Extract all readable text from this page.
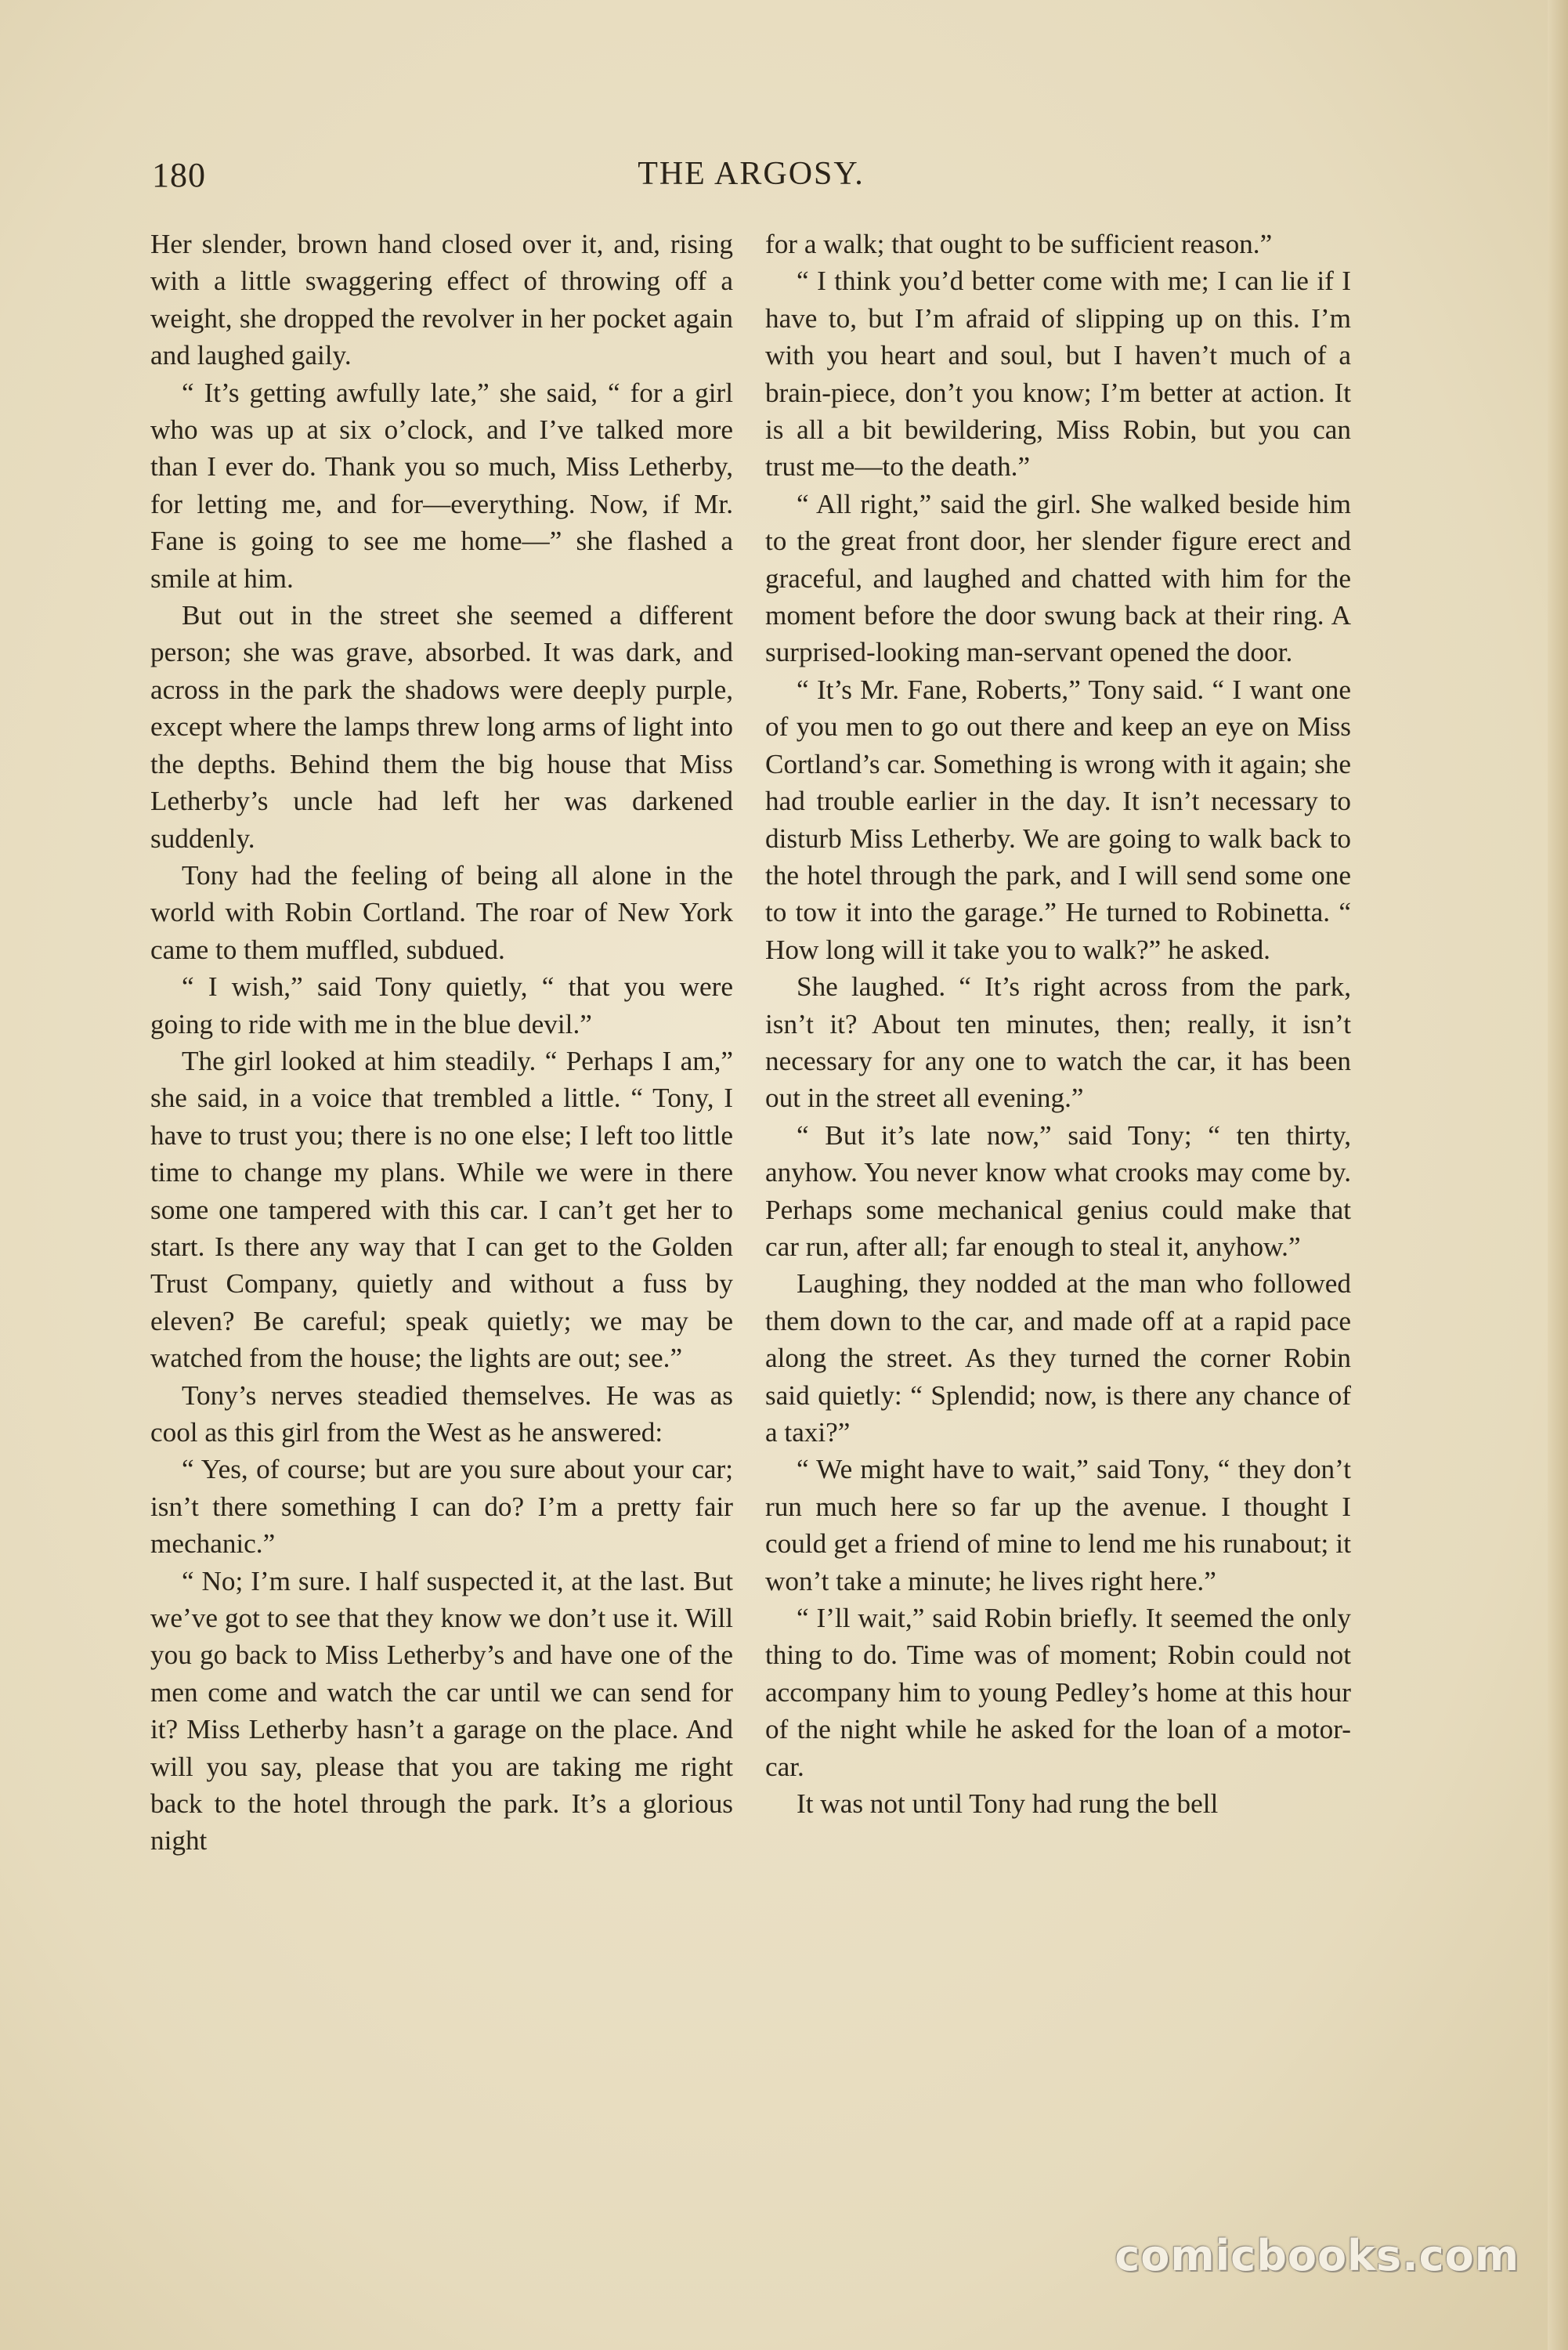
THE ARGOSY.
180

Her slender, brown hand closed over it, and, rising with a little swaggering effect of throwing off a weight, she dropped the revolver in her pocket again and laughed gaily.

“ It’s getting awfully late,” she said, “ for a girl who was up at six o’clock, and I’ve talked more than I ever do. Thank you so much, Miss Letherby, for letting me, and for—everything. Now, if Mr. Fane is going to see me home—” she flashed a smile at him.

But out in the street she seemed a different person; she was grave, absorbed. It was dark, and across in the park the shadows were deeply purple, except where the lamps threw long arms of light into the depths. Behind them the big house that Miss Letherby’s uncle had left her was darkened suddenly.

Tony had the feeling of being all alone in the world with Robin Cortland. The roar of New York came to them muffled, subdued.

“ I wish,” said Tony quietly, “ that you were going to ride with me in the blue devil.”

The girl looked at him steadily. “ Perhaps I am,” she said, in a voice that trembled a little. “ Tony, I have to trust you; there is no one else; I left too little time to change my plans. While we were in there some one tampered with this car. I can’t get her to start. Is there any way that I can get to the Golden Trust Company, quietly and without a fuss by eleven? Be careful; speak quietly; we may be watched from the house; the lights are out; see.”

Tony’s nerves steadied themselves. He was as cool as this girl from the West as he answered:

“ Yes, of course; but are you sure about your car; isn’t there something I can do? I’m a pretty fair mechanic.”

“ No; I’m sure. I half suspected it, at the last. But we’ve got to see that they know we don’t use it. Will you go back to Miss Letherby’s and have one of the men come and watch the car until we can send for it? Miss Letherby hasn’t a garage on the place. And will you say, please that you are taking me right back to the hotel through the park. It’s a glorious night

for a walk; that ought to be sufficient reason.”

“ I think you’d better come with me; I can lie if I have to, but I’m afraid of slipping up on this. I’m with you heart and soul, but I haven’t much of a brain-piece, don’t you know; I’m better at action. It is all a bit bewildering, Miss Robin, but you can trust me—to the death.”

“ All right,” said the girl. She walked beside him to the great front door, her slender figure erect and graceful, and laughed and chatted with him for the moment before the door swung back at their ring. A surprised-looking man-servant opened the door.

“ It’s Mr. Fane, Roberts,” Tony said. “ I want one of you men to go out there and keep an eye on Miss Cortland’s car. Something is wrong with it again; she had trouble earlier in the day. It isn’t necessary to disturb Miss Letherby. We are going to walk back to the hotel through the park, and I will send some one to tow it into the garage.” He turned to Robinetta. “ How long will it take you to walk?” he asked.

She laughed. “ It’s right across from the park, isn’t it? About ten minutes, then; really, it isn’t necessary for any one to watch the car, it has been out in the street all evening.”

“ But it’s late now,” said Tony; “ ten thirty, anyhow. You never know what crooks may come by. Perhaps some mechanical genius could make that car run, after all; far enough to steal it, anyhow.”

Laughing, they nodded at the man who followed them down to the car, and made off at a rapid pace along the street. As they turned the corner Robin said quietly: “ Splendid; now, is there any chance of a taxi?”

“ We might have to wait,” said Tony, “ they don’t run much here so far up the avenue. I thought I could get a friend of mine to lend me his runabout; it won’t take a minute; he lives right here.”

“ I’ll wait,” said Robin briefly. It seemed the only thing to do. Time was of moment; Robin could not accompany him to young Pedley’s home at this hour of the night while he asked for the loan of a motor-car.

It was not until Tony had rung the bell

comicbooks.com
